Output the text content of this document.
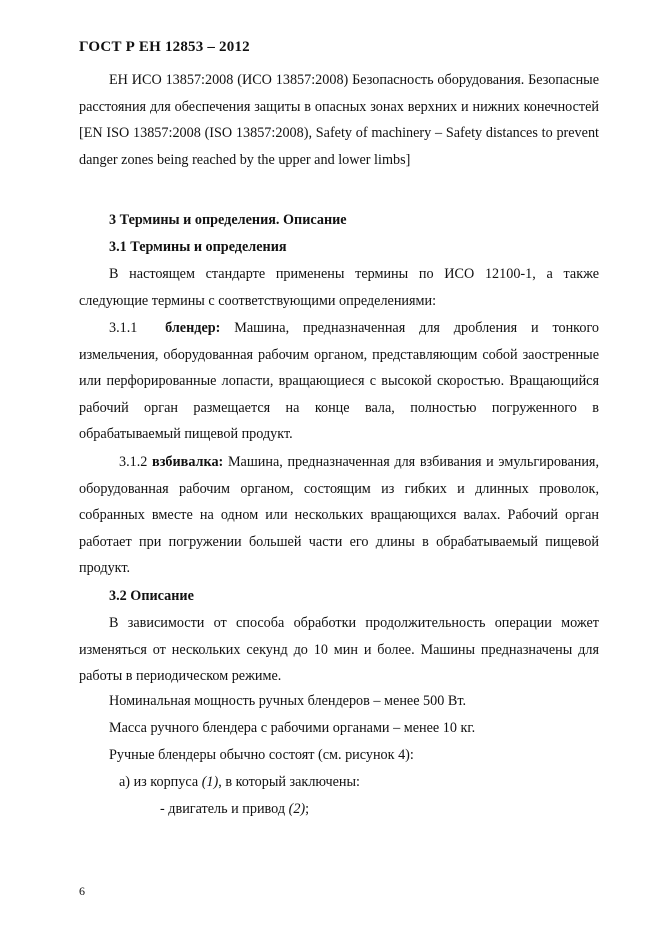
ГОСТ Р ЕН 12853 – 2012
ЕН ИСО 13857:2008 (ИСО 13857:2008) Безопасность оборудования. Безопасные расстояния для обеспечения защиты в опасных зонах верхних и нижних конечностей [EN ISO 13857:2008 (ISO 13857:2008), Safety of machinery – Safety distances to prevent danger zones being reached by the upper and lower limbs]
3 Термины и определения. Описание
3.1 Термины и определения
В настоящем стандарте применены термины по ИСО 12100-1, а также следующие термины с соответствующими определениями:
3.1.1 блендер: Машина, предназначенная для дробления и тонкого измельчения, оборудованная рабочим органом, представляющим собой заостренные или перфорированные лопасти, вращающиеся с высокой скоростью. Вращающийся рабочий орган размещается на конце вала, полностью погруженного в обрабатываемый пищевой продукт.
3.1.2 взбивалка: Машина, предназначенная для взбивания и эмульгирования, оборудованная рабочим органом, состоящим из гибких и длинных проволок, собранных вместе на одном или нескольких вращающихся валах. Рабочий орган работает при погружении большей части его длины в обрабатываемый пищевой продукт.
3.2 Описание
В зависимости от способа обработки продолжительность операции может изменяться от нескольких секунд до 10 мин и более. Машины предназначены для работы в периодическом режиме.
Номинальная мощность ручных блендеров – менее 500 Вт.
Масса ручного блендера с рабочими органами – менее 10 кг.
Ручные блендеры обычно состоят (см. рисунок 4):
а) из корпуса (1), в который заключены:
- двигатель и привод (2);
6
